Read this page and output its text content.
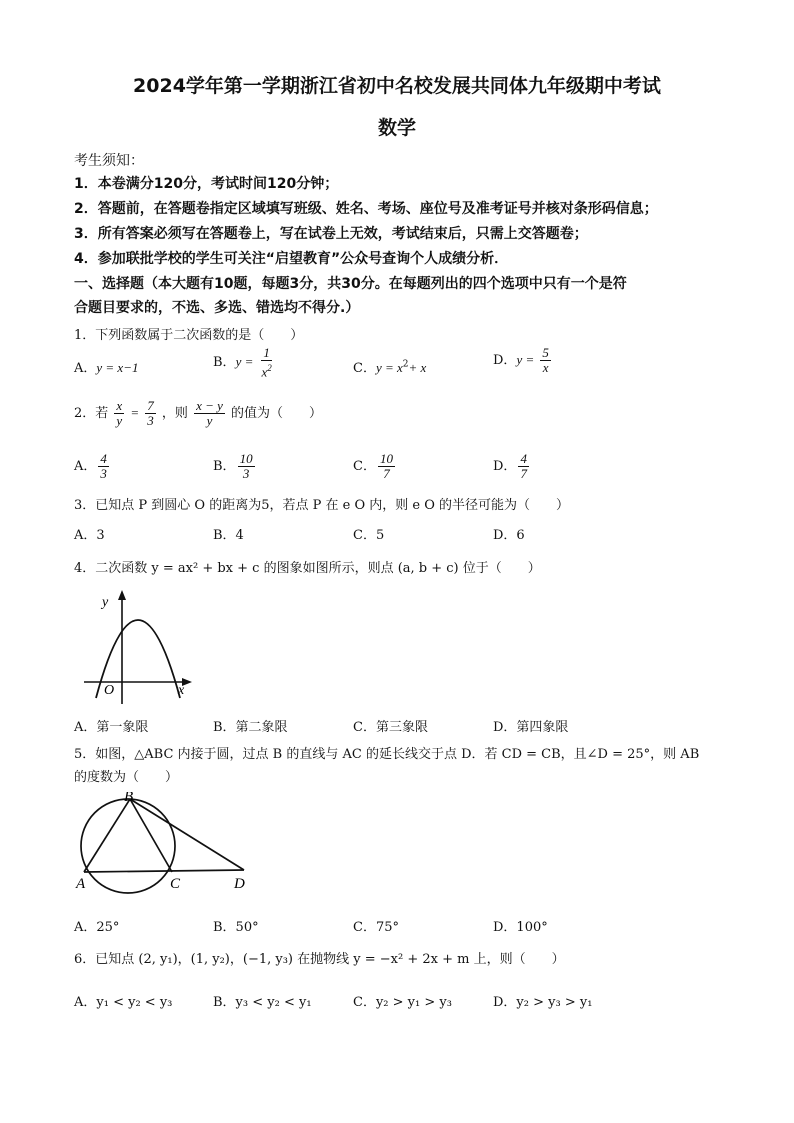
2024学年第一学期浙江省初中名校发展共同体九年级期中考试
数学
考生须知：
1．本卷满分120分，考试时间120分钟；
2．答题前，在答题卷指定区域填写班级、姓名、考场、座位号及准考证号并核对条形码信息；
3．所有答案必须写在答题卷上，写在试卷上无效，考试结束后，只需上交答题卷；
4．参加联批学校的学生可关注“启望教育”公众号查询个人成绩分析．
一、选择题（本大题有10题，每题3分，共30分。在每题列出的四个选项中只有一个是符
合题目要求的，不选、多选、错选均不得分.）
1．下列函数属于二次函数的是（　　）
A．y = x−1	B．$y = \frac{1}{x^2}$	C．$y = x^2+ x$	D．$y = \frac{5}{x}$
2．若 $\frac{x}{y} = \frac{7}{3}$ ，则 $\frac{x - y}{y}$ 的值为（　　）
A． $\frac{4}{3}$	B． $\frac{10}{3}$	C． $\frac{10}{7}$	D． $\frac{4}{7}$
3．已知点 P 到圆心 O 的距离为5，若点 P 在 e O 内，则 e O 的半径可能为（　　）
A．3	B．4	C．5	D．6
4．二次函数 y = ax² + bx + c 的图象如图所示，则点 (a, b + c) 位于（　　）
y
O	x
A．第一象限	B．第二象限	C．第三象限	D．第四象限
5．如图，△ABC 内接于圆，过点 B 的直线与 AC 的延长线交于点 D．若 CD = CB，且∠D = 25°，则 AB
的度数为（　　）
B
A	C	D
A．25°	B．50°	C．75°	D．100°
6．已知点 (2, y₁)，(1, y₂)，(−1, y₃) 在抛物线 y = −x² + 2x + m 上，则（　　）
A．y₁ < y₂ < y₃	B．y₃ < y₂ < y₁	C．y₂ > y₁ > y₃	D．y₂ > y₃ > y₁
